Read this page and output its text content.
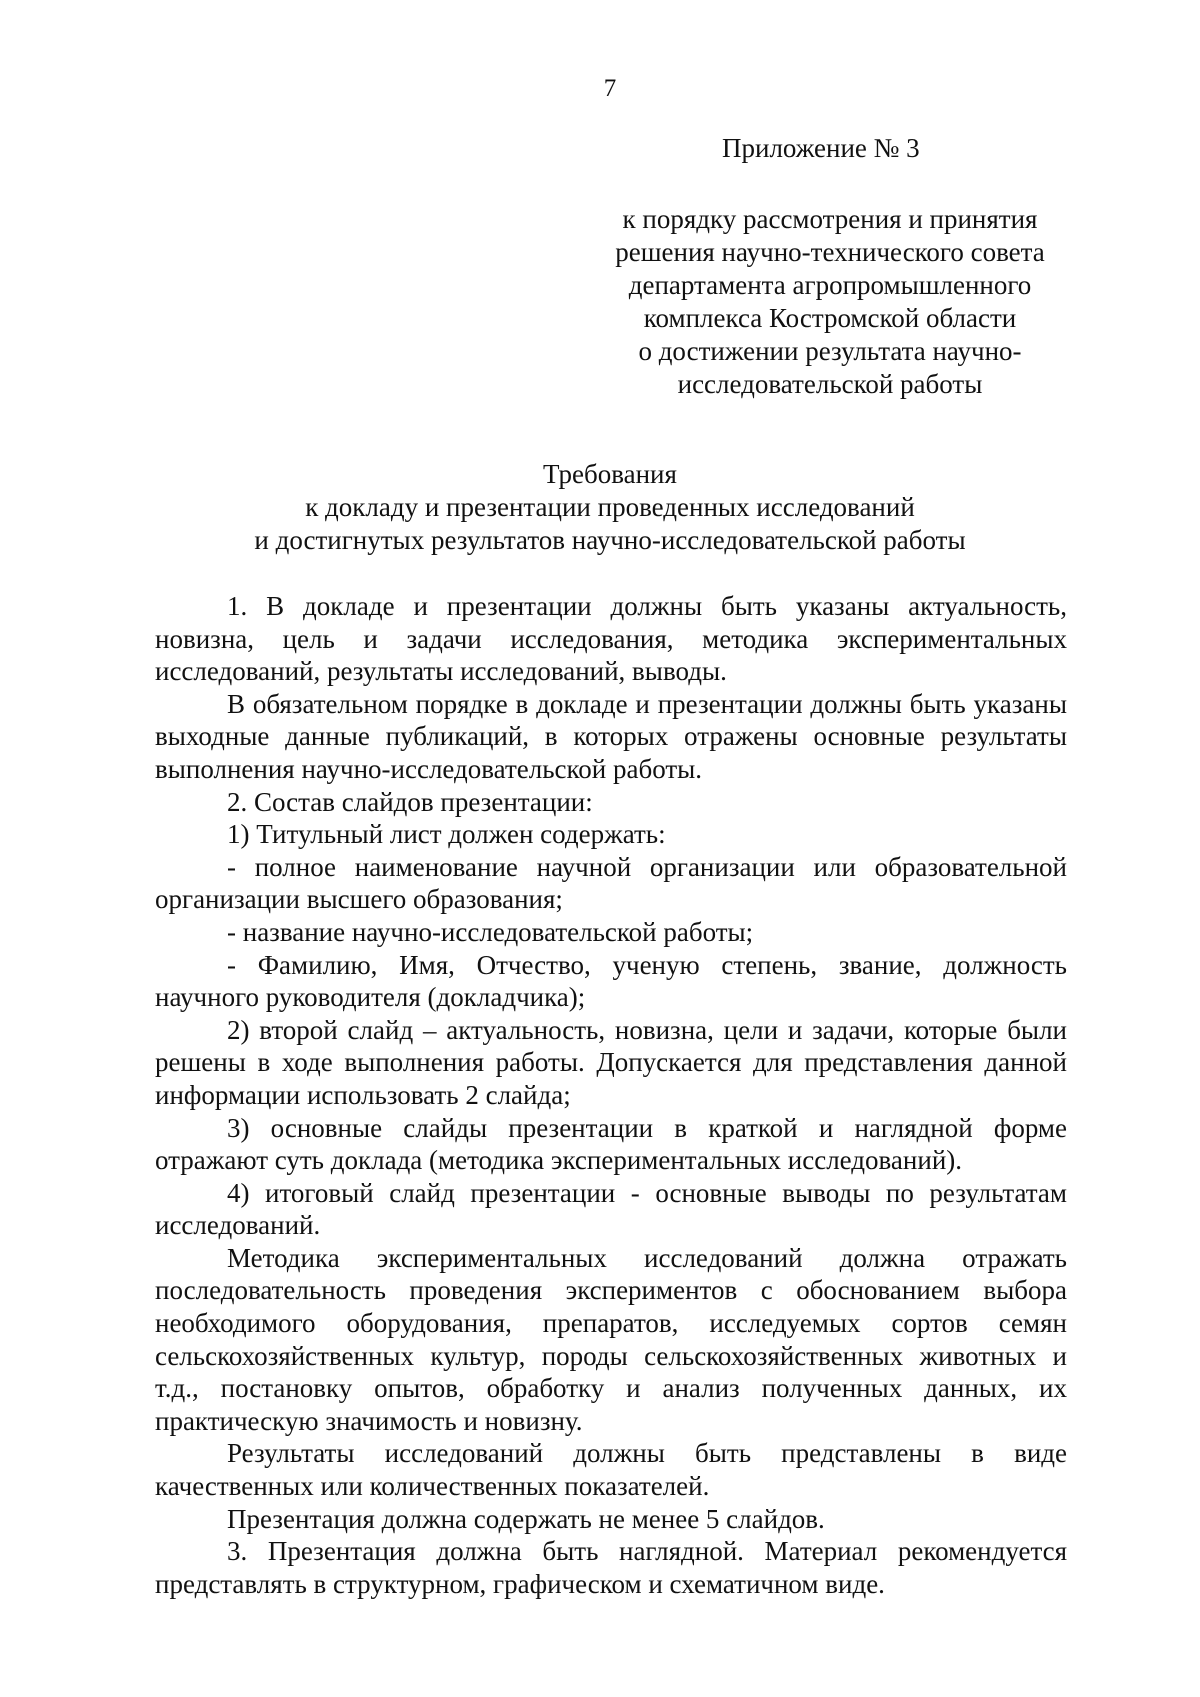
7
Приложение № 3
к порядку рассмотрения и принятия
решения научно-технического совета
департамента агропромышленного
комплекса Костромской области
о достижении результата научно-
исследовательской работы
Требования
к докладу и презентации проведенных исследований
и достигнутых результатов научно-исследовательской работы

1. В докладе и презентации должны быть указаны актуальность, новизна, цель и задачи исследования, методика экспериментальных исследований, результаты исследований, выводы.

В обязательном порядке в докладе и презентации должны быть указаны выходные данные публикаций, в которых отражены основные результаты выполнения научно-исследовательской работы.

2. Состав слайдов презентации:

1) Титульный лист должен содержать:

- полное наименование научной организации или образовательной организации высшего образования;

- название научно-исследовательской работы;

- Фамилию, Имя, Отчество, ученую степень, звание, должность научного руководителя (докладчика);

2) второй слайд – актуальность, новизна, цели и задачи, которые были решены в ходе выполнения работы. Допускается для представления данной информации использовать 2 слайда;

3) основные слайды презентации в краткой и наглядной форме отражают суть доклада (методика экспериментальных исследований).

4) итоговый слайд презентации - основные выводы по результатам исследований.

Методика экспериментальных исследований должна отражать последовательность проведения экспериментов с обоснованием выбора необходимого оборудования, препаратов, исследуемых сортов семян сельскохозяйственных культур, породы сельскохозяйственных животных и т.д., постановку опытов, обработку и анализ полученных данных, их практическую значимость и новизну.

Результаты исследований должны быть представлены в виде качественных или количественных показателей.

Презентация должна содержать не менее 5 слайдов.

3. Презентация должна быть наглядной. Материал рекомендуется представлять в структурном, графическом и схематичном виде.
